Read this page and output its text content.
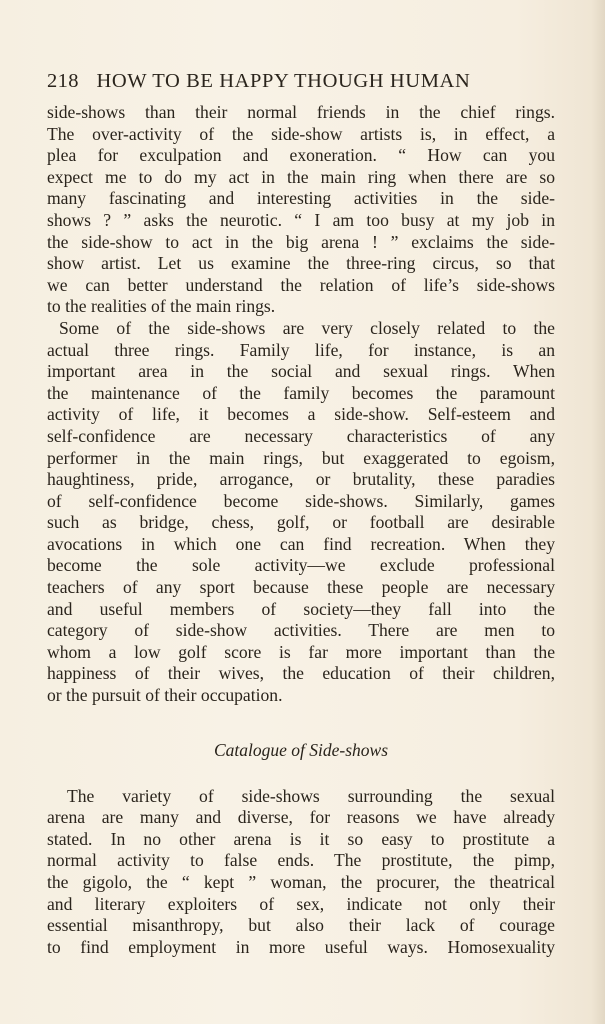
218 HOW TO BE HAPPY THOUGH HUMAN
side-shows than their normal friends in the chief rings.
The over-activity of the side-show artists is, in effect, a
plea for exculpation and exoneration. “ How can you
expect me to do my act in the main ring when there are so
many fascinating and interesting activities in the side-
shows ? ” asks the neurotic. “ I am too busy at my job in
the side-show to act in the big arena ! ” exclaims the side-
show artist. Let us examine the three-ring circus, so that
we can better understand the relation of life’s side-shows
to the realities of the main rings.
Some of the side-shows are very closely related to the
actual three rings. Family life, for instance, is an
important area in the social and sexual rings. When
the maintenance of the family becomes the paramount
activity of life, it becomes a side-show. Self-esteem and
self-confidence are necessary characteristics of any
performer in the main rings, but exaggerated to egoism,
haughtiness, pride, arrogance, or brutality, these paradies
of self-confidence become side-shows. Similarly, games
such as bridge, chess, golf, or football are desirable
avocations in which one can find recreation. When they
become the sole activity—we exclude professional
teachers of any sport because these people are necessary
and useful members of society—they fall into the
category of side-show activities. There are men to
whom a low golf score is far more important than the
happiness of their wives, the education of their children,
or the pursuit of their occupation.
Catalogue of Side-shows
The variety of side-shows surrounding the sexual
arena are many and diverse, for reasons we have already
stated. In no other arena is it so easy to prostitute a
normal activity to false ends. The prostitute, the pimp,
the gigolo, the “ kept ” woman, the procurer, the theatrical
and literary exploiters of sex, indicate not only their
essential misanthropy, but also their lack of courage
to find employment in more useful ways. Homosexuality
